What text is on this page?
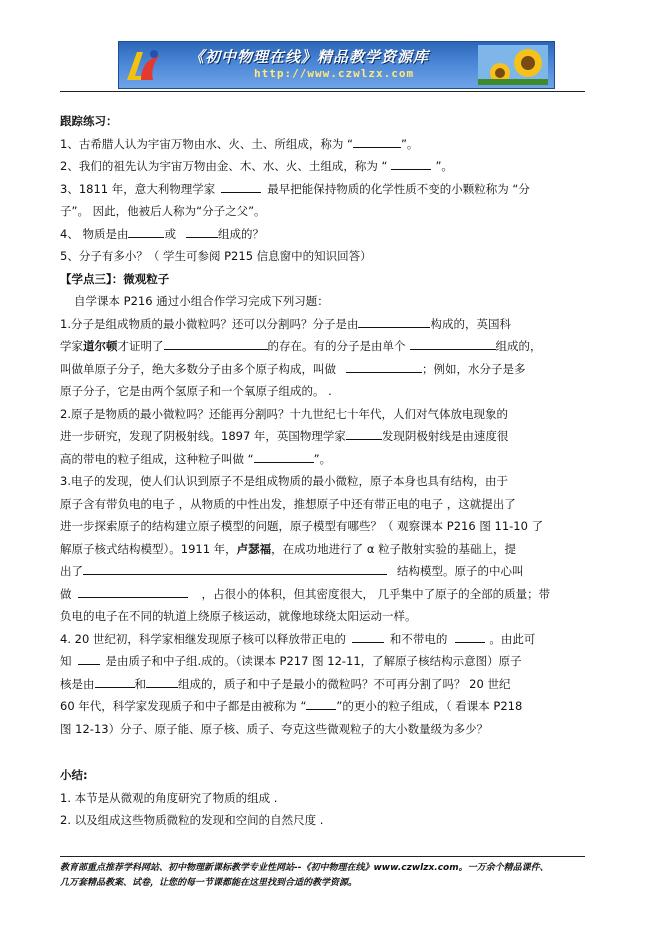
《初中物理在线》精品教学资源库
http://www.czwlzx.com
跟踪练习：
1、古希腊人认为宇宙万物由水、火、土、所组成，称为 “	”。
2、我们的祖先认为宇宙万物由金、木、水、火、土组成，称为 “	”。
3、1811 年，意大利物理学家	最早把能保持物质的化学性质不变的小颗粒称为 “分
子”。 因此，他被后人称为“分子之父”。
4、 物质是由	或	组成的？
5、分子有多小？（ 学生可参阅 P215 信息窗中的知识回答）
【学点三】：微观粒子
自学课本 P216 通过小组合作学习完成下列习题：
1.分子是组成物质的最小微粒吗？还可以分割吗？分子是由	构成的，英国科
学家道尔顿才证明了	的存在。有的分子是由单个	组成的，
叫做单原子分子，绝大多数分子由多个原子构成，叫做	；例如，水分子是多
原子分子，它是由两个氢原子和一个氧原子组成的。 .
2.原子是物质的最小微粒吗？还能再分割吗？十九世纪七十年代，人们对气体放电现象的
进一步研究，发现了阴极射线。1897 年，英国物理学家	发现阴极射线是由速度很
高的带电的粒子组成，这种粒子叫做 “	”。
3.电子的发现，使人们认识到原子不是组成物质的最小微粒，原子本身也具有结构，由于
原子含有带负电的电子 ，从物质的中性出发，推想原子中还有带正电的电子 ，这就提出了
进一步探索原子的结构建立原子模型的问题，原子模型有哪些？（ 观察课本 P216 图 11-10 了
解原子核式结构模型）。1911 年，卢瑟福，在成功地进行了 α 粒子散射实验的基础上，提
出了	结构模型。原子的中心叫
做	，占很小的体积，但其密度很大， 几乎集中了原子的全部的质量；带
负电的电子在不同的轨道上绕原子核运动，就像地球绕太阳运动一样。
4. 20 世纪初，科学家相继发现原子核可以释放带正电的	和不带电的	。由此可
知	是由质子和中子组.成的。（读课本 P217 图 12-11，了解原子核结构示意图）原子
核是由	和	组成的，质子和中子是最小的微粒吗？不可再分割了吗？ 20 世纪
60 年代，科学家发现质子和中子都是由被称为 “	”的更小的粒子组成，（ 看课本 P218
图 12-13）分子、原子能、原子核、质子、夸克这些微观粒子的大小数量级为多少？
小结:
1. 本节是从微观的角度研究了物质的组成 .
2. 以及组成这些物质微粒的发现和空间的自然尺度 .
教育部重点推荐学科网站、初中物理新课标教学专业性网站--《初中物理在线》www.czwlzx.com。一万余个精品课件、
几万套精品教案、试卷，让您的每一节课都能在这里找到合适的教学资源。
